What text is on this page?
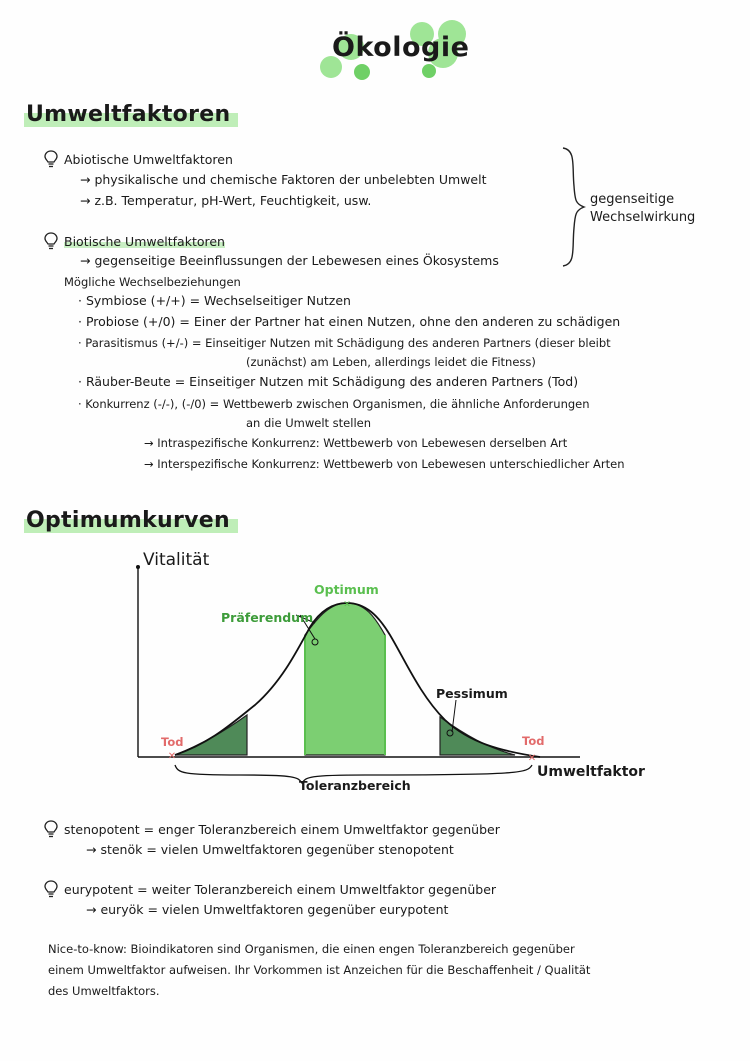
Ökologie
Umweltfaktoren
Abiotische Umweltfaktoren
→ physikalische und chemische Faktoren der unbelebten Umwelt
→ z.B. Temperatur, pH-Wert, Feuchtigkeit, usw.	gegenseitige
Wechselwirkung
Biotische Umweltfaktoren
→ gegenseitige Beeinflussungen der Lebewesen eines Ökosystems
Mögliche Wechselbeziehungen
· Symbiose (+/+) = Wechselseitiger Nutzen
· Probiose (+/0) = Einer der Partner hat einen Nutzen, ohne den anderen zu schädigen
· Parasitismus (+/-) = Einseitiger Nutzen mit Schädigung des anderen Partners (dieser bleibt
(zunächst) am Leben, allerdings leidet die Fitness)
· Räuber-Beute = Einseitiger Nutzen mit Schädigung des anderen Partners (Tod)
· Konkurrenz (-/-), (-/0) = Wettbewerb zwischen Organismen, die ähnliche Anforderungen
an die Umwelt stellen
→ Intraspezifische Konkurrenz: Wettbewerb von Lebewesen derselben Art
→ Interspezifische Konkurrenz: Wettbewerb von Lebewesen unterschiedlicher Arten
Optimumkurven
✕	✕
✕
Vitalität
Umweltfaktor
Optimum
Präferendum
Pessimum
Tod	Tod
Toleranzbereich
stenopotent = enger Toleranzbereich einem Umweltfaktor gegenüber
→ stenök = vielen Umweltfaktoren gegenüber stenopotent
eurypotent = weiter Toleranzbereich einem Umweltfaktor gegenüber
→ euryök = vielen Umweltfaktoren gegenüber eurypotent
Nice-to-know: Bioindikatoren sind Organismen, die einen engen Toleranzbereich gegenüber
einem Umweltfaktor aufweisen. Ihr Vorkommen ist Anzeichen für die Beschaffenheit / Qualität
des Umweltfaktors.
